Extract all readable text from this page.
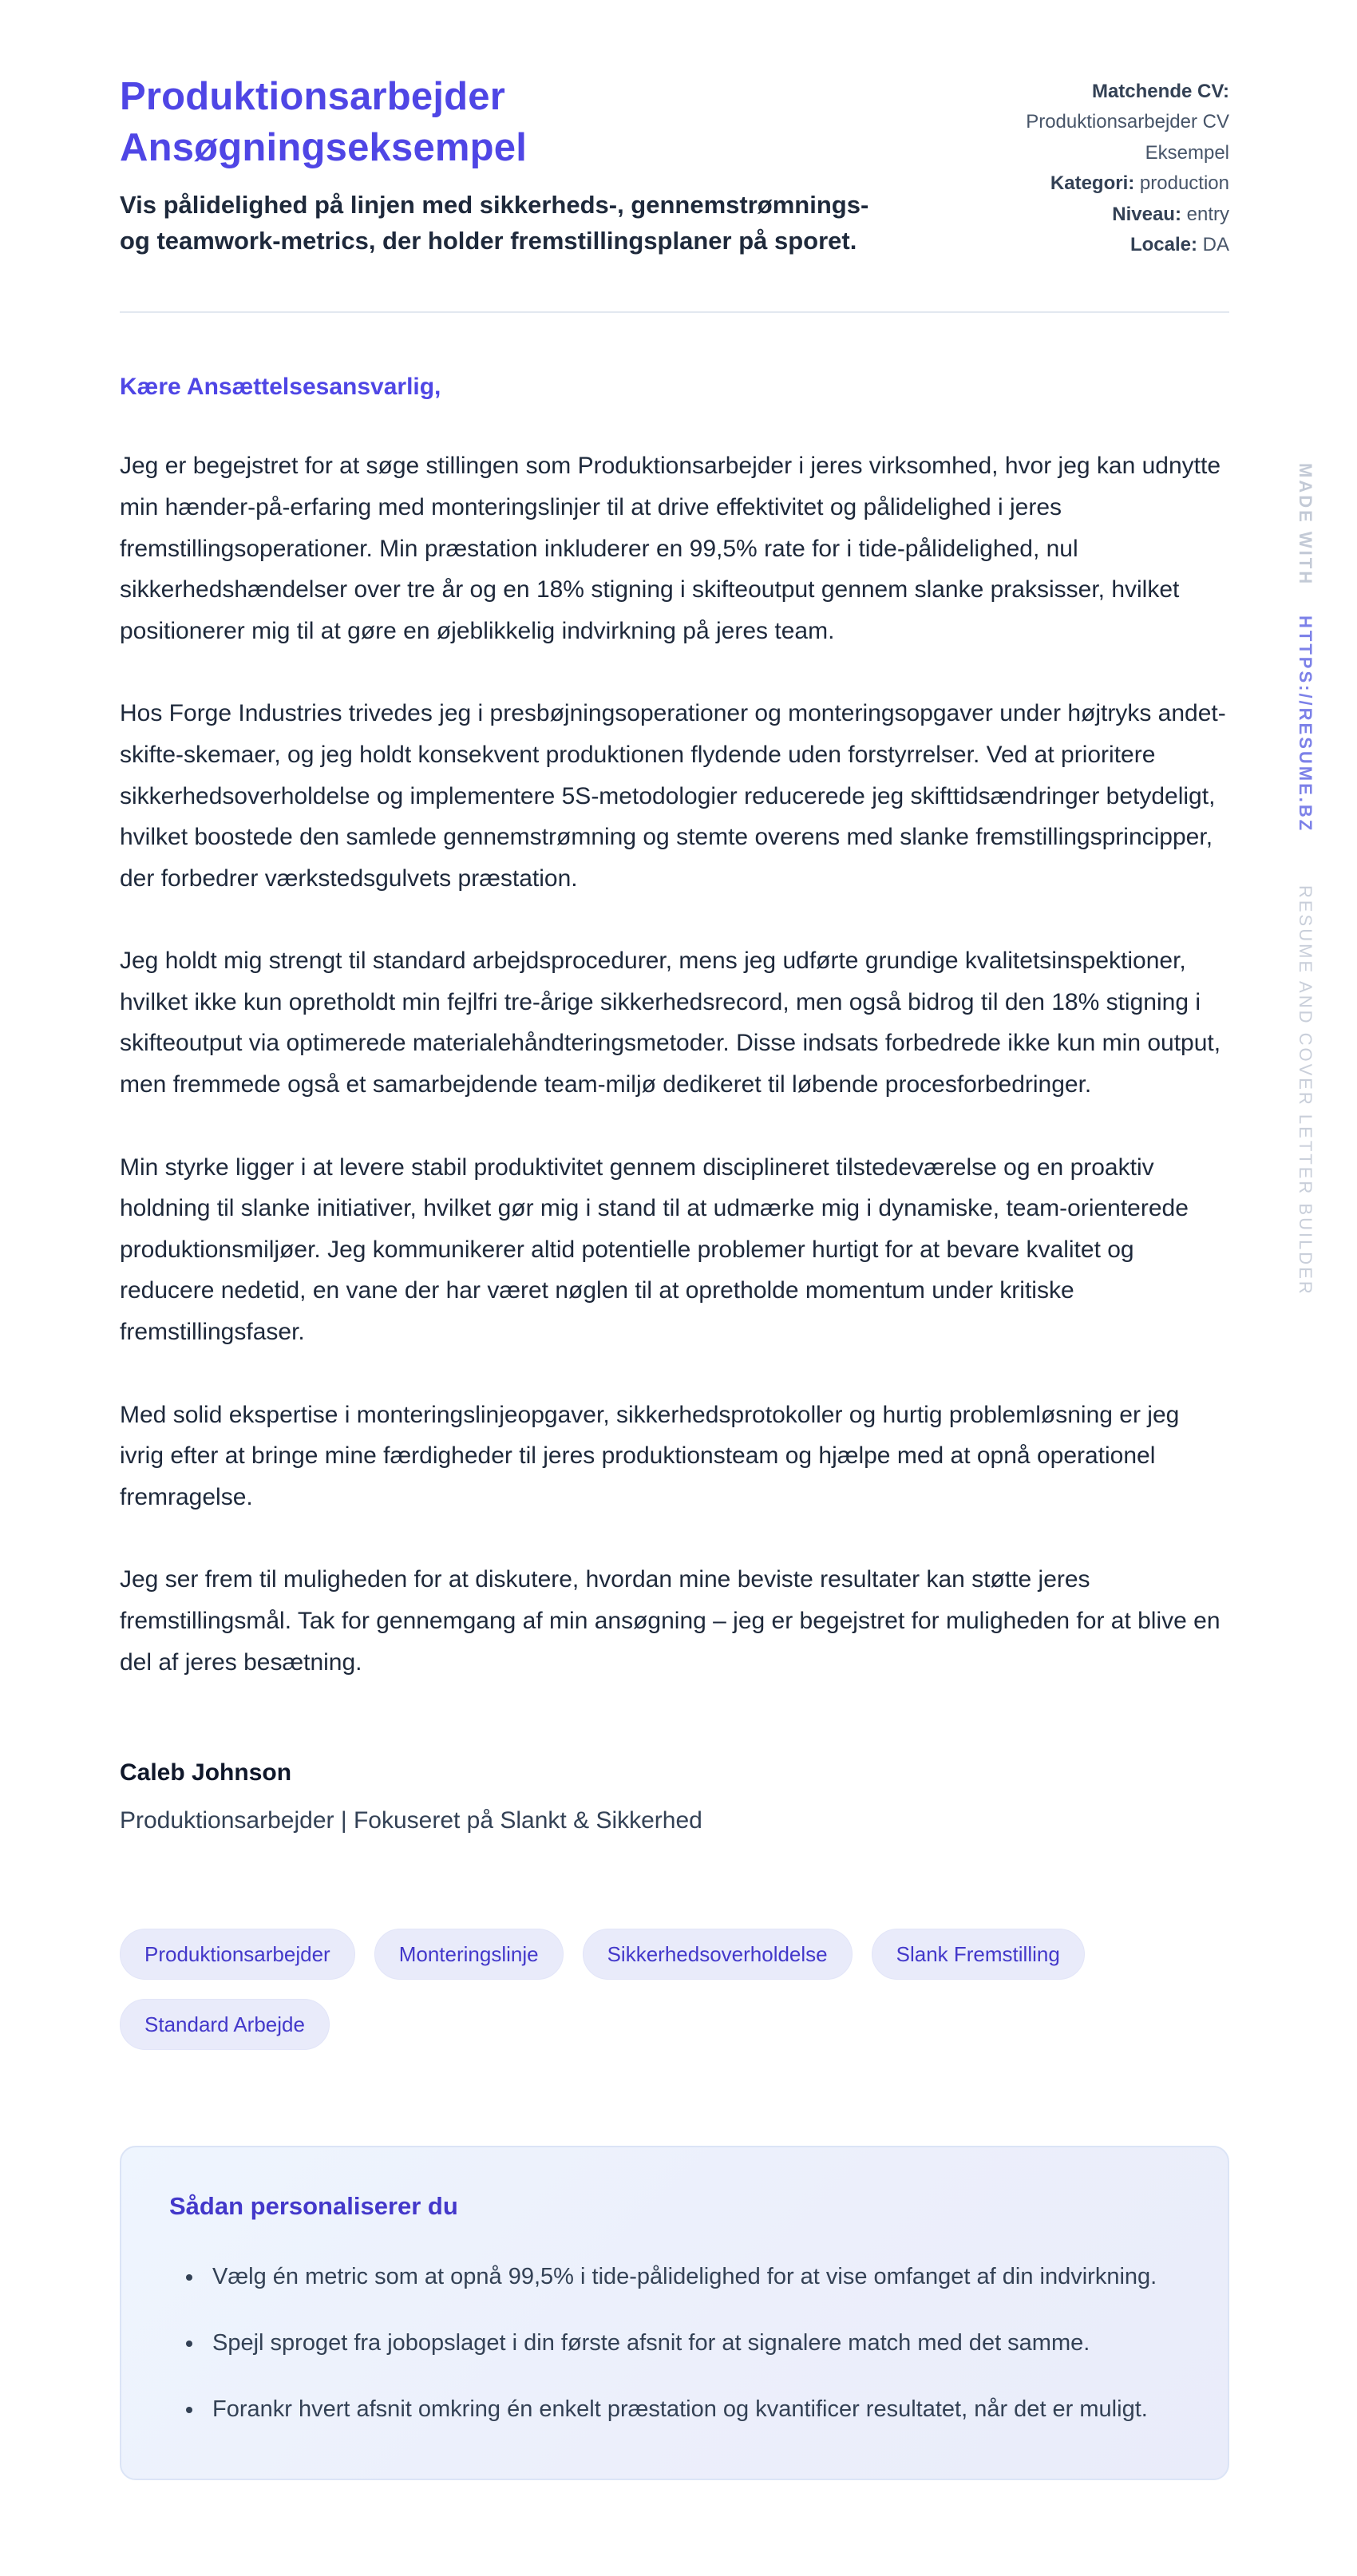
Produktionsarbejder
Ansøgningseksempel
Vis pålidelighed på linjen med sikkerheds-, gennemstrømnings- og teamwork-metrics, der holder fremstillingsplaner på sporet.
Matchende CV:
Produktionsarbejder CV Eksempel
Kategori: production
Niveau: entry
Locale: DA
Kære Ansættelsesansvarlig,

Jeg er begejstret for at søge stillingen som Produktionsarbejder i jeres virksomhed, hvor jeg kan udnytte min hænder-på-erfaring med monteringslinjer til at drive effektivitet og pålidelighed i jeres fremstillingsoperationer. Min præstation inkluderer en 99,5% rate for i tide-pålidelighed, nul sikkerhedshændelser over tre år og en 18% stigning i skifteoutput gennem slanke praksisser, hvilket positionerer mig til at gøre en øjeblikkelig indvirkning på jeres team.

Hos Forge Industries trivedes jeg i presbøjningsoperationer og monteringsopgaver under højtryks andet-skifte-skemaer, og jeg holdt konsekvent produktionen flydende uden forstyrrelser. Ved at prioritere sikkerhedsoverholdelse og implementere 5S-metodologier reducerede jeg skifttidsændringer betydeligt, hvilket boostede den samlede gennemstrømning og stemte overens med slanke fremstillingsprincipper, der forbedrer værkstedsgulvets præstation.

Jeg holdt mig strengt til standard arbejdsprocedurer, mens jeg udførte grundige kvalitetsinspektioner, hvilket ikke kun opretholdt min fejlfri tre-årige sikkerhedsrecord, men også bidrog til den 18% stigning i skifteoutput via optimerede materialehåndteringsmetoder. Disse indsats forbedrede ikke kun min output, men fremmede også et samarbejdende team-miljø dedikeret til løbende procesforbedringer.

Min styrke ligger i at levere stabil produktivitet gennem disciplineret tilstedeværelse og en proaktiv holdning til slanke initiativer, hvilket gør mig i stand til at udmærke mig i dynamiske, team-orienterede produktionsmiljøer. Jeg kommunikerer altid potentielle problemer hurtigt for at bevare kvalitet og reducere nedetid, en vane der har været nøglen til at opretholde momentum under kritiske fremstillingsfaser.

Med solid ekspertise i monteringslinjeopgaver, sikkerhedsprotokoller og hurtig problemløsning er jeg ivrig efter at bringe mine færdigheder til jeres produktionsteam og hjælpe med at opnå operationel fremragelse.

Jeg ser frem til muligheden for at diskutere, hvordan mine beviste resultater kan støtte jeres fremstillingsmål. Tak for gennemgang af min ansøgning – jeg er begejstret for muligheden for at blive en del af jeres besætning.

Caleb Johnson
Produktionsarbejder | Fokuseret på Slankt & Sikkerhed
Produktionsarbejder	Monteringslinje	Sikkerhedsoverholdelse	Slank Fremstilling
Standard Arbejde
Sådan personaliserer du
• Vælg én metric som at opnå 99,5% i tide-pålidelighed for at vise omfanget af din indvirkning.
• Spejl sproget fra jobopslaget i din første afsnit for at signalere match med det samme.
• Forankr hvert afsnit omkring én enkelt præstation og kvantificer resultatet, når det er muligt.
MADE WITH HTTPS://RESUME.BZ RESUME AND COVER LETTER BUILDER
